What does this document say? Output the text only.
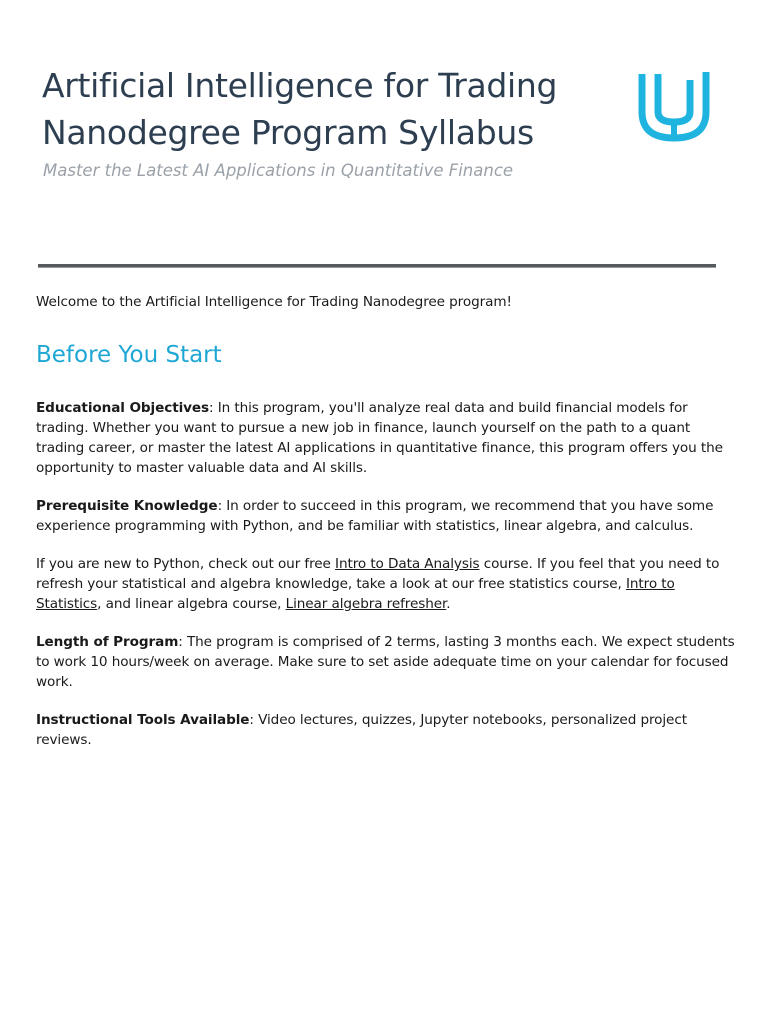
Artificial Intelligence for Trading
Nanodegree Program Syllabus
Master the Latest AI Applications in Quantitative Finance

Welcome to the Artificial Intelligence for Trading Nanodegree program!

Before You Start

Educational Objectives: In this program, you'll analyze real data and build financial models for trading. Whether you want to pursue a new job in finance, launch yourself on the path to a quant trading career, or master the latest AI applications in quantitative finance, this program offers you the opportunity to master valuable data and AI skills.

Prerequisite Knowledge: In order to succeed in this program, we recommend that you have some experience programming with Python, and be familiar with statistics, linear algebra, and calculus.

If you are new to Python, check out our free Intro to Data Analysis course. If you feel that you need to refresh your statistical and algebra knowledge, take a look at our free statistics course, Intro to Statistics, and linear algebra course, Linear algebra refresher.

Length of Program: The program is comprised of 2 terms, lasting 3 months each. We expect students to work 10 hours/week on average. Make sure to set aside adequate time on your calendar for focused work.

Instructional Tools Available: Video lectures, quizzes, Jupyter notebooks, personalized project reviews.
